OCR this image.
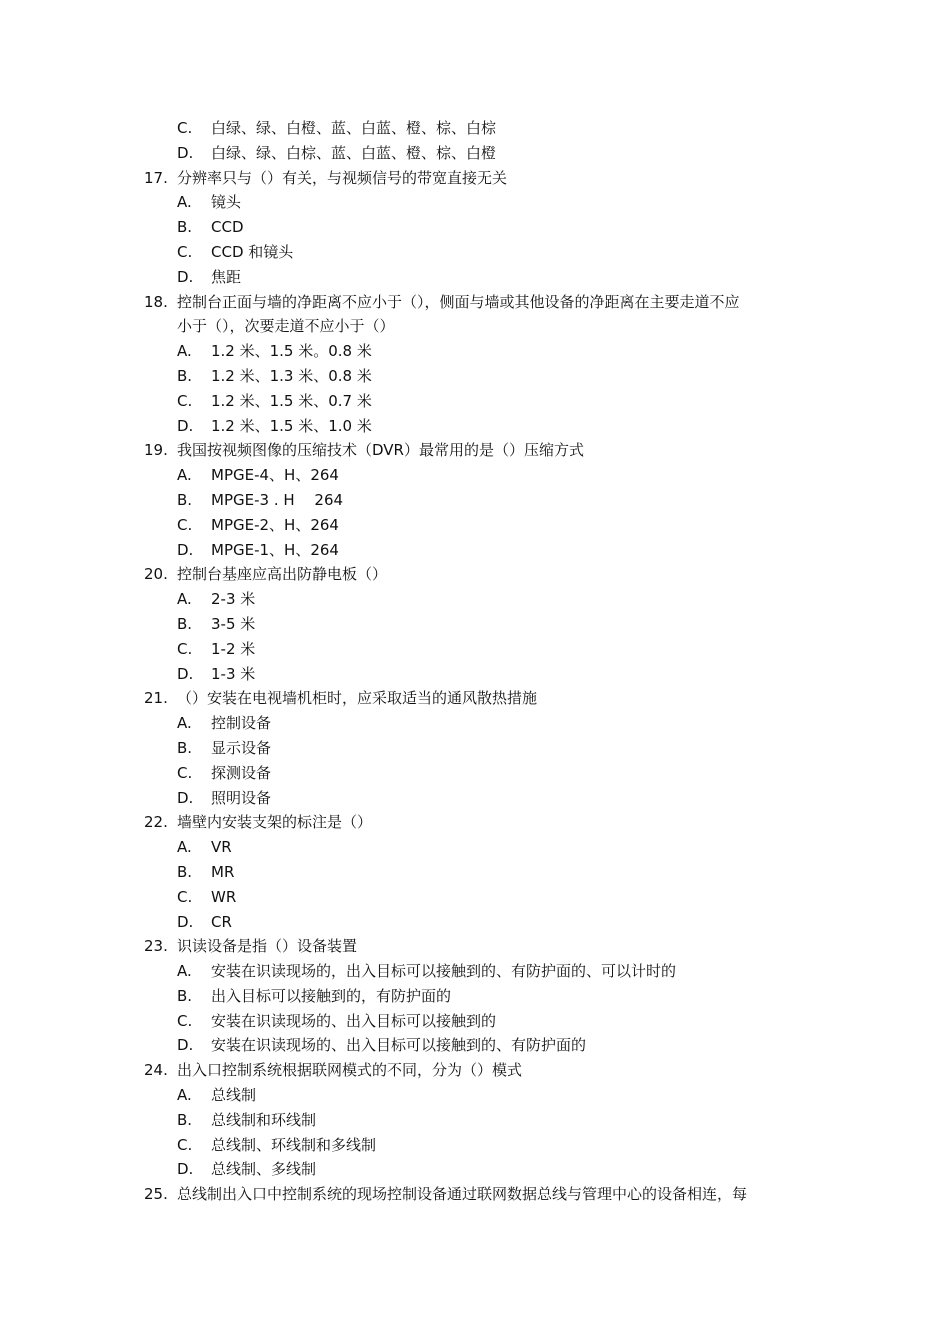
C. 白绿、绿、白橙、蓝、白蓝、橙、棕、白棕
D. 白绿、绿、白棕、蓝、白蓝、橙、棕、白橙
17. 分辨率只与（）有关，与视频信号的带宽直接无关
A. 镜头
B. CCD
C. CCD 和镜头
D. 焦距
18. 控制台正面与墙的净距离不应小于（），侧面与墙或其他设备的净距离在主要走道不应
小于（），次要走道不应小于（）
A. 1.2 米、1.5 米。0.8 米
B. 1.2 米、1.3 米、0.8 米
C. 1.2 米、1.5 米、0.7 米
D. 1.2 米、1.5 米、1.0 米
19. 我国按视频图像的压缩技术（DVR）最常用的是（）压缩方式
A. MPGE-4、H、264
B. MPGE-3 . H　 264
C. MPGE-2、H、264
D. MPGE-1、H、264
20. 控制台基座应高出防静电板（）
A. 2-3 米
B. 3-5 米
C. 1-2 米
D. 1-3 米
21. （）安装在电视墙机柜时，应采取适当的通风散热措施
A. 控制设备
B. 显示设备
C. 探测设备
D. 照明设备
22. 墙壁内安装支架的标注是（）
A. VR
B. MR
C. WR
D. CR
23. 识读设备是指（）设备装置
A. 安装在识读现场的，出入目标可以接触到的、有防护面的、可以计时的
B. 出入目标可以接触到的，有防护面的
C. 安装在识读现场的、出入目标可以接触到的
D. 安装在识读现场的、出入目标可以接触到的、有防护面的
24. 出入口控制系统根据联网模式的不同，分为（）模式
A. 总线制
B. 总线制和环线制
C. 总线制、环线制和多线制
D. 总线制、多线制
25. 总线制出入口中控制系统的现场控制设备通过联网数据总线与管理中心的设备相连，每
